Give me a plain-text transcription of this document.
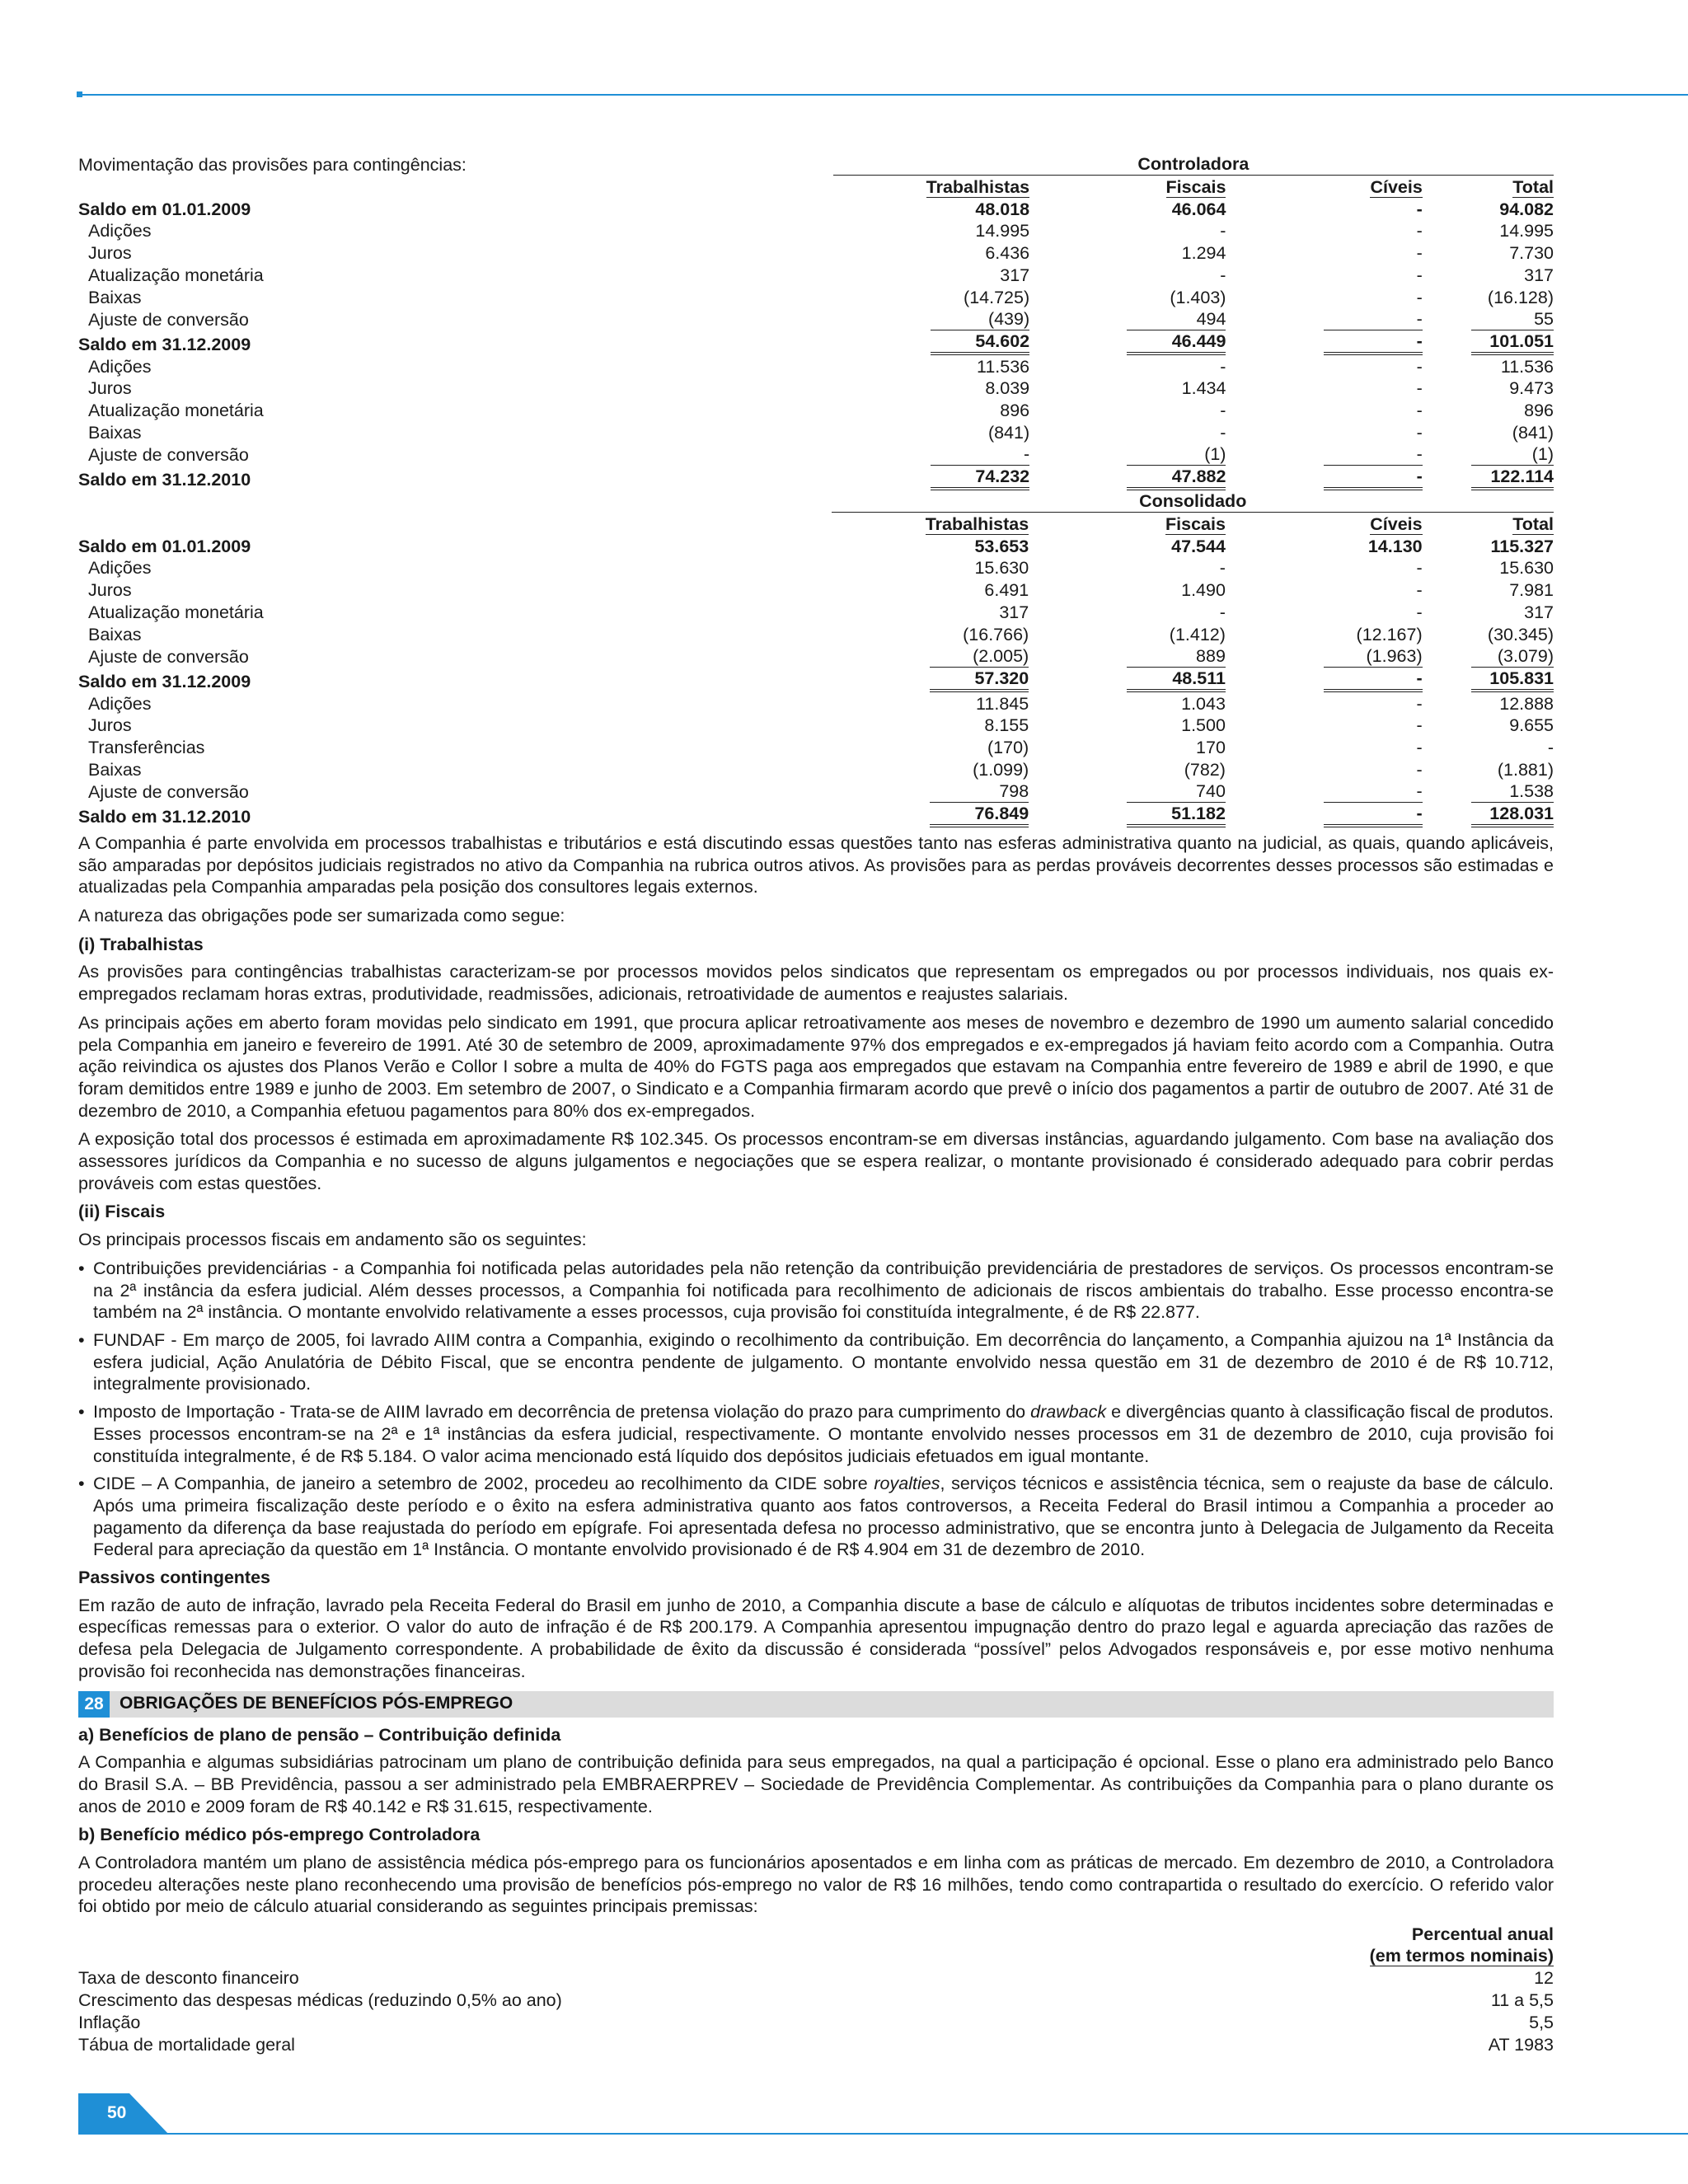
Movimentação das provisões para contingências:	Controladora			

	Trabalhistas	Fiscais	Cíveis	Total
Saldo em 01.01.2009	48.018	46.064	-	94.082
Adições	14.995	-	-	14.995
Juros	6.436	1.294	-	7.730
Atualização monetária	317	-	-	317
Baixas	(14.725)	(1.403)	-	(16.128)
Ajuste de conversão	(439)	494	-	55
Saldo em 31.12.2009	54.602	46.449	-	101.051
Adições	11.536	-	-	11.536
Juros	8.039	1.434	-	9.473
Atualização monetária	896	-	-	896
Baixas	(841)	-	-	(841)
Ajuste de conversão	-	(1)	-	(1)
Saldo em 31.12.2010	74.232	47.882	-	122.114

	Consolidado			

	Trabalhistas	Fiscais	Cíveis	Total
Saldo em 01.01.2009	53.653	47.544	14.130	115.327
Adições	15.630	-	-	15.630
Juros	6.491	1.490	-	7.981
Atualização monetária	317	-	-	317
Baixas	(16.766)	(1.412)	(12.167)	(30.345)
Ajuste de conversão	(2.005)	889	(1.963)	(3.079)
Saldo em 31.12.2009	57.320	48.511	-	105.831
Adições	11.845	1.043	-	12.888
Juros	8.155	1.500	-	9.655
Transferências	(170)	170	-	-
Baixas	(1.099)	(782)	-	(1.881)
Ajuste de conversão	798	740	-	1.538
Saldo em 31.12.2010	76.849	51.182	-	128.031

A Companhia é parte envolvida em processos trabalhistas e tributários e está discutindo essas questões tanto nas esferas administrativa quanto na judicial, as quais, quando aplicáveis, são amparadas por depósitos judiciais registrados no ativo da Companhia na rubrica outros ativos. As provisões para as perdas prováveis decorrentes desses processos são estimadas e atualizadas pela Companhia amparadas pela posição dos consultores legais externos.

A natureza das obrigações pode ser sumarizada como segue:

(i) Trabalhistas

As provisões para contingências trabalhistas caracterizam-se por processos movidos pelos sindicatos que representam os empregados ou por processos individuais, nos quais ex-empregados reclamam horas extras, produtividade, readmissões, adicionais, retroatividade de aumentos e reajustes salariais.

As principais ações em aberto foram movidas pelo sindicato em 1991, que procura aplicar retroativamente aos meses de novembro e dezembro de 1990 um aumento salarial concedido pela Companhia em janeiro e fevereiro de 1991. Até 30 de setembro de 2009, aproximadamente 97% dos empregados e ex-empregados já haviam feito acordo com a Companhia. Outra ação reivindica os ajustes dos Planos Verão e Collor I sobre a multa de 40% do FGTS paga aos empregados que estavam na Companhia entre fevereiro de 1989 e abril de 1990, e que foram demitidos entre 1989 e junho de 2003. Em setembro de 2007, o Sindicato e a Companhia firmaram acordo que prevê o início dos pagamentos a partir de outubro de 2007. Até 31 de dezembro de 2010, a Companhia efetuou pagamentos para 80% dos ex-empregados.

A exposição total dos processos é estimada em aproximadamente R$ 102.345. Os processos encontram-se em diversas instâncias, aguardando julgamento. Com base na avaliação dos assessores jurídicos da Companhia e no sucesso de alguns julgamentos e negociações que se espera realizar, o montante provisionado é considerado adequado para cobrir perdas prováveis com estas questões.

(ii) Fiscais

Os principais processos fiscais em andamento são os seguintes:

• Contribuições previdenciárias - a Companhia foi notificada pelas autoridades pela não retenção da contribuição previdenciária de prestadores de serviços. Os processos encontram-se na 2ª instância da esfera judicial. Além desses processos, a Companhia foi notificada para recolhimento de adicionais de riscos ambientais do trabalho. Esse processo encontra-se também na 2ª instância. O montante envolvido relativamente a esses processos, cuja provisão foi constituída integralmente, é de R$ 22.877.
• FUNDAF - Em março de 2005, foi lavrado AIIM contra a Companhia, exigindo o recolhimento da contribuição. Em decorrência do lançamento, a Companhia ajuizou na 1ª Instância da esfera judicial, Ação Anulatória de Débito Fiscal, que se encontra pendente de julgamento. O montante envolvido nessa questão em 31 de dezembro de 2010 é de R$ 10.712, integralmente provisionado.
• Imposto de Importação - Trata-se de AIIM lavrado em decorrência de pretensa violação do prazo para cumprimento do drawback e divergências quanto à classificação fiscal de produtos. Esses processos encontram-se na 2ª e 1ª instâncias da esfera judicial, respectivamente. O montante envolvido nesses processos em 31 de dezembro de 2010, cuja provisão foi constituída integralmente, é de R$ 5.184. O valor acima mencionado está líquido dos depósitos judiciais efetuados em igual montante.
• CIDE – A Companhia, de janeiro a setembro de 2002, procedeu ao recolhimento da CIDE sobre royalties, serviços técnicos e assistência técnica, sem o reajuste da base de cálculo. Após uma primeira fiscalização deste período e o êxito na esfera administrativa quanto aos fatos controversos, a Receita Federal do Brasil intimou a Companhia a proceder ao pagamento da diferença da base reajustada do período em epígrafe. Foi apresentada defesa no processo administrativo, que se encontra junto à Delegacia de Julgamento da Receita Federal para apreciação da questão em 1ª Instância. O montante envolvido provisionado é de R$ 4.904 em 31 de dezembro de 2010.
Passivos contingentes

Em razão de auto de infração, lavrado pela Receita Federal do Brasil em junho de 2010, a Companhia discute a base de cálculo e alíquotas de tributos incidentes sobre determinadas e específicas remessas para o exterior. O valor do auto de infração é de R$ 200.179. A Companhia apresentou impugnação dentro do prazo legal e aguarda apreciação das razões de defesa pela Delegacia de Julgamento correspondente. A probabilidade de êxito da discussão é considerada “possível” pelos Advogados responsáveis e, por esse motivo nenhuma provisão foi reconhecida nas demonstrações financeiras.

28 OBRIGAÇÕES DE BENEFÍCIOS PÓS-EMPREGO
a) Benefícios de plano de pensão – Contribuição definida

A Companhia e algumas subsidiárias patrocinam um plano de contribuição definida para seus empregados, na qual a participação é opcional. Esse o plano era administrado pelo Banco do Brasil S.A. – BB Previdência, passou a ser administrado pela EMBRAERPREV – Sociedade de Previdência Complementar. As contribuições da Companhia para o plano durante os anos de 2010 e 2009 foram de R$ 40.142 e R$ 31.615, respectivamente.

b) Benefício médico pós-emprego Controladora

A Controladora mantém um plano de assistência médica pós-emprego para os funcionários aposentados e em linha com as práticas de mercado. Em dezembro de 2010, a Controladora procedeu alterações neste plano reconhecendo uma provisão de benefícios pós-emprego no valor de R$ 16 milhões, tendo como contrapartida o resultado do exercício. O referido valor foi obtido por meio de cálculo atuarial considerando as seguintes principais premissas:

	Percentual anual
	(em termos nominais)
Taxa de desconto financeiro	12
Crescimento das despesas médicas (reduzindo 0,5% ao ano)	11 a 5,5
Inflação	5,5
Tábua de mortalidade geral	AT 1983
50
